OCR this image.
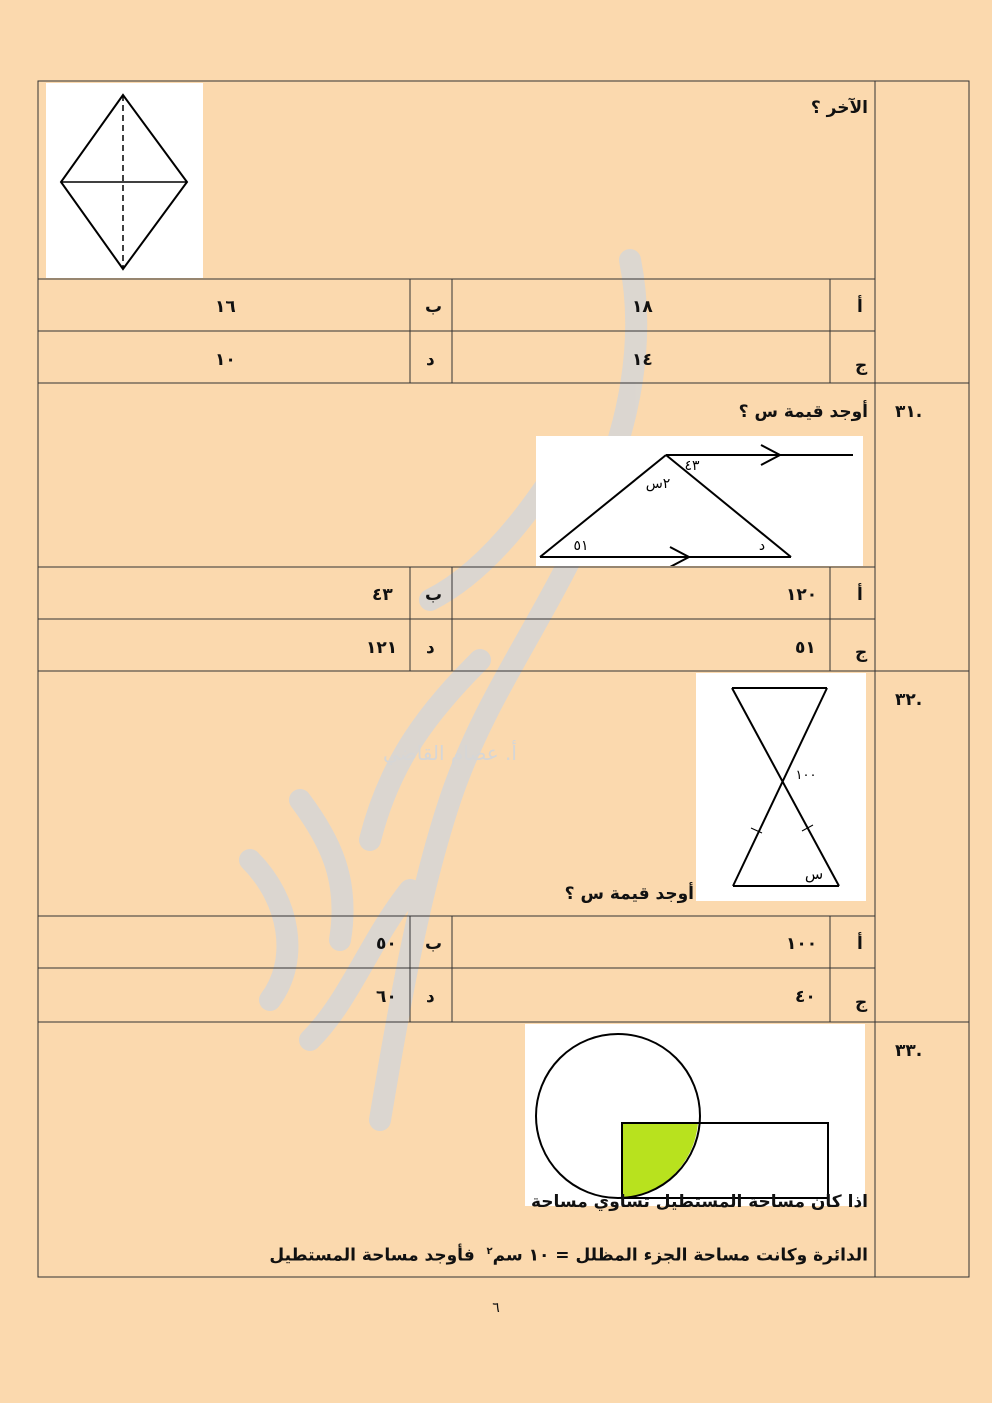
أ. عصام القاضي
الآخر ؟
أ
١٨
ب
١٦
ج
١٤
د
١٠
.٣١
أوجد قيمة س ؟
٤٣
٢س
٥١	د
أ
١٢٠
ب
٤٣
ج
٥١
د
١٢١
.٣٢
١٠٠
س
أوجد قيمة س ؟
أ
١٠٠
ب
٥٠
ج
٤٠
د
٦٠
.٣٣
اذا كان مساحة المستطيل تساوي مساحة
الدائرة وكانت مساحة الجزء المظلل = ١٠ سم$^٢$  فأوجد مساحة المستطيل
٦
